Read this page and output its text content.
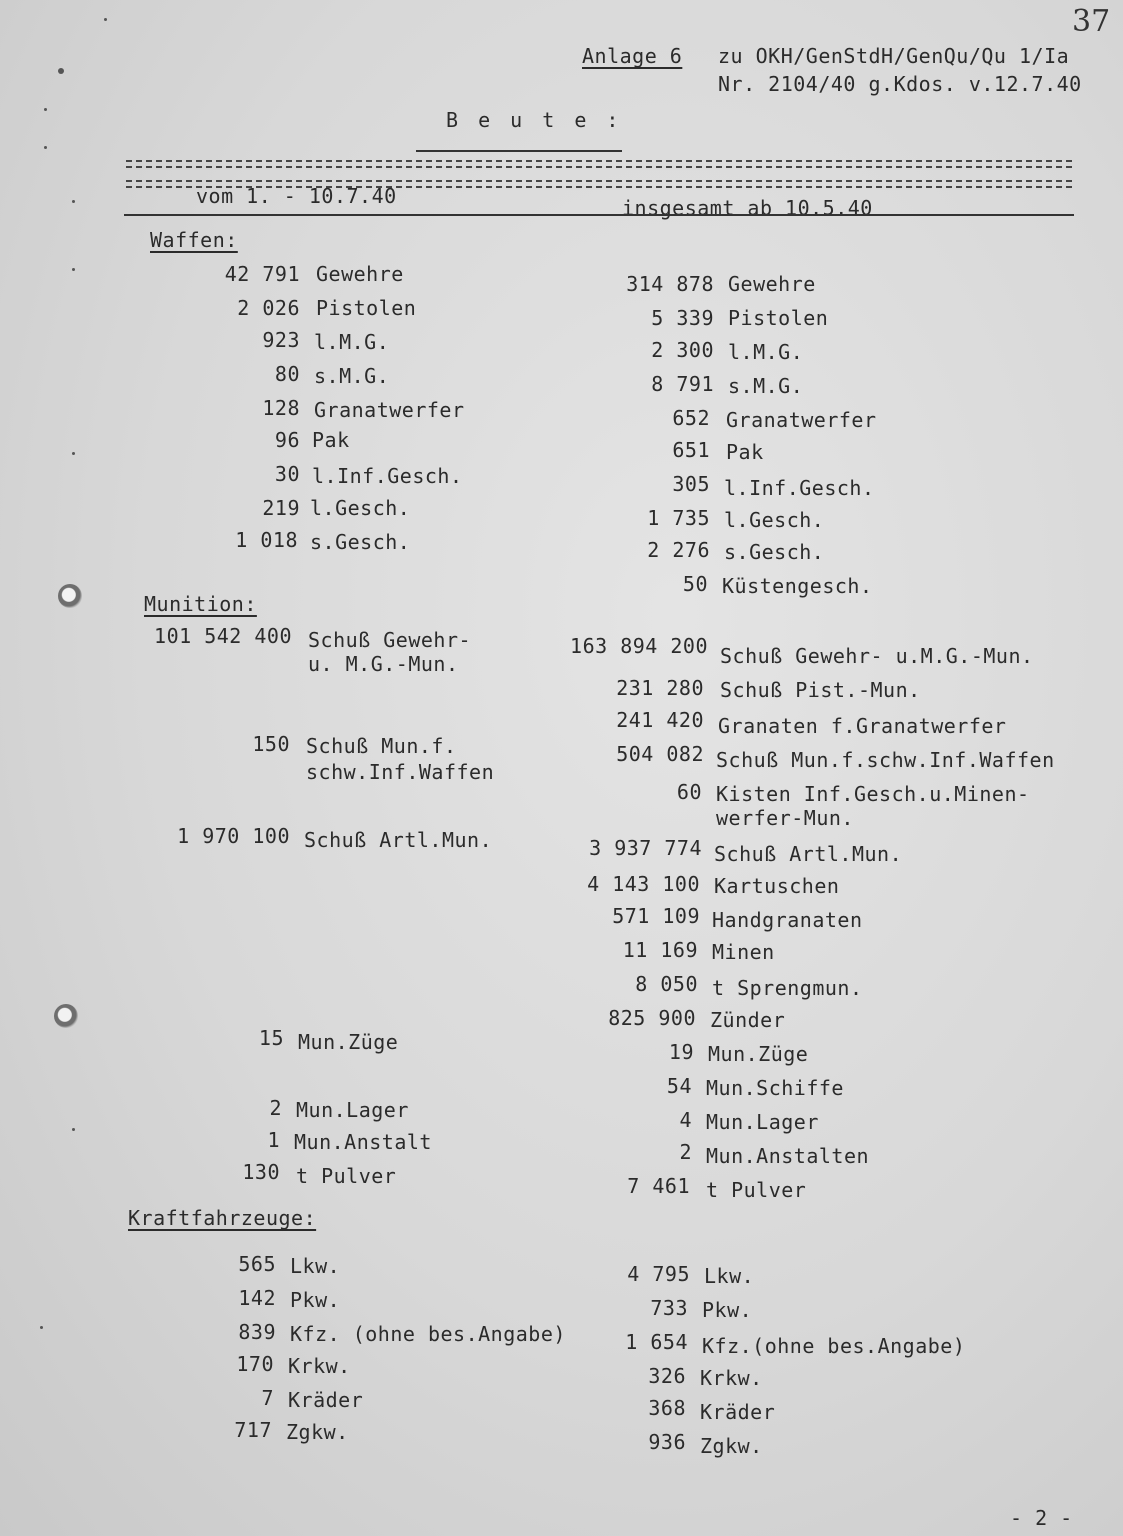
37
Anlage 6 zu OKH/GenStdH/GenQu/Qu 1/Ia
Nr. 2104/40 g.Kdos. v.12.7.40
B e u t e :
vom 1. - 10.7.40	insgesamt ab 10.5.40
Waffen:
Munition:
Kraftfahrzeuge:
42 791 Gewehre
2 026 Pistolen
923 l.M.G.
80 s.M.G.
128 Granatwerfer
96 Pak
30 l.Inf.Gesch.
219 l.Gesch.
1 018 s.Gesch.
314 878 Gewehre
5 339 Pistolen
2 300 l.M.G.
8 791 s.M.G.
652 Granatwerfer
651 Pak
305 l.Inf.Gesch.
1 735 l.Gesch.
2 276 s.Gesch.
50 Küstengesch.
101 542 400 Schuß Gewehr-
u. M.G.-Mun.
150 Schuß Mun.f.
schw.Inf.Waffen
1 970 100 Schuß Artl.Mun.
15 Mun.Züge
2 Mun.Lager
1 Mun.Anstalt
130 t Pulver
163 894 200 Schuß Gewehr- u.M.G.-Mun.
231 280 Schuß Pist.-Mun.
241 420 Granaten f.Granatwerfer
504 082 Schuß Mun.f.schw.Inf.Waffen
60 Kisten Inf.Gesch.u.Minen-
werfer-Mun.
3 937 774 Schuß Artl.Mun.
4 143 100 Kartuschen
571 109 Handgranaten
11 169 Minen
8 050 t Sprengmun.
825 900 Zünder
19 Mun.Züge
54 Mun.Schiffe
4 Mun.Lager
2 Mun.Anstalten
7 461 t Pulver
565 Lkw.
142 Pkw.
839 Kfz. (ohne bes.Angabe)
170 Krkw.
7 Kräder
717 Zgkw.
4 795 Lkw.
733 Pkw.
1 654 Kfz.(ohne bes.Angabe)
326 Krkw.
368 Kräder
936 Zgkw.
- 2 -
